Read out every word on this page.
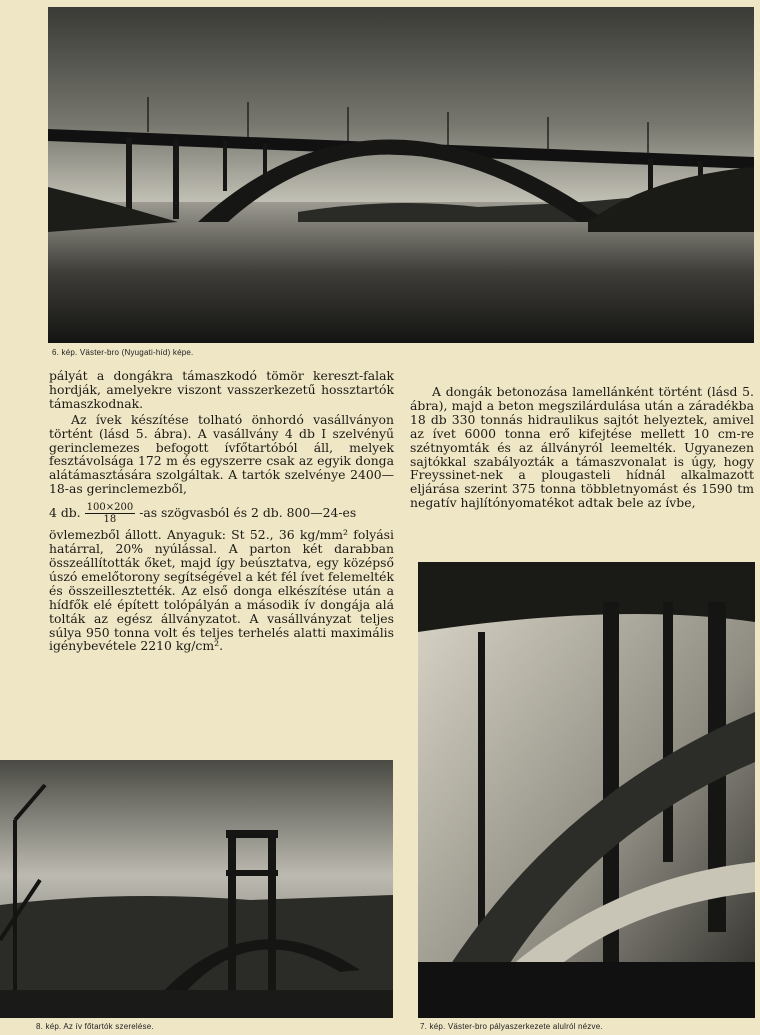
6. kép. Väster-bro (Nyugati-híd) képe.

pályát a dongákra támaszkodó tömör kereszt-falak hordják, amelyekre viszont vasszerkezetű hossztartók támaszkodnak.

Az ívek készítése tolható önhordó vasállványon történt (lásd 5. ábra). A vasállvány 4 db I szelvényű gerinclemezes befogott ívfőtartóból áll, melyek fesztávolsága 172 m és egyszerre csak az egyik donga alátámasztására szolgáltak. A tartók szelvénye 2400—18-as gerinclemezből,

4 db. $\frac{100\times 200}{18} -as$ szögvasból és 2 db. 800—24-es

övlemezből állott. Anyaguk: St 52., 36 kg/mm² folyási határral, 20% nyúlással. A parton két darabban összeállították őket, majd így beúsztatva, egy középső úszó emelőtorony segítségével a két fél ívet felemelték és összeillesztették. Az első donga elkészítése után a hídfők elé épített tolópályán a második ív dongája alá tolták az egész állványzatot. A vasállványzat teljes súlya 950 tonna volt és teljes terhelés alatti maximális igénybevétele 2210 kg/cm².

A dongák betonozása lamellánként történt (lásd 5. ábra), majd a beton megszilárdulása után a záradékba 18 db 330 tonnás hidraulikus sajtót helyeztek, amivel az ívet 6000 tonna erő kifejtése mellett 10 cm-re szétnyomták és az állványról leemelték. Ugyanezen sajtókkal szabályozták a támaszvonalat is úgy, hogy Freyssinet-nek a plougasteli hídnál alkalmazott eljárása szerint 375 tonna többletnyomást és 1590 tm negatív hajlítónyomatékot adtak bele az ívbe,

8. kép. Az ív főtartók szerelése.	7. kép. Väster-bro pályaszerkezete alulról nézve.
